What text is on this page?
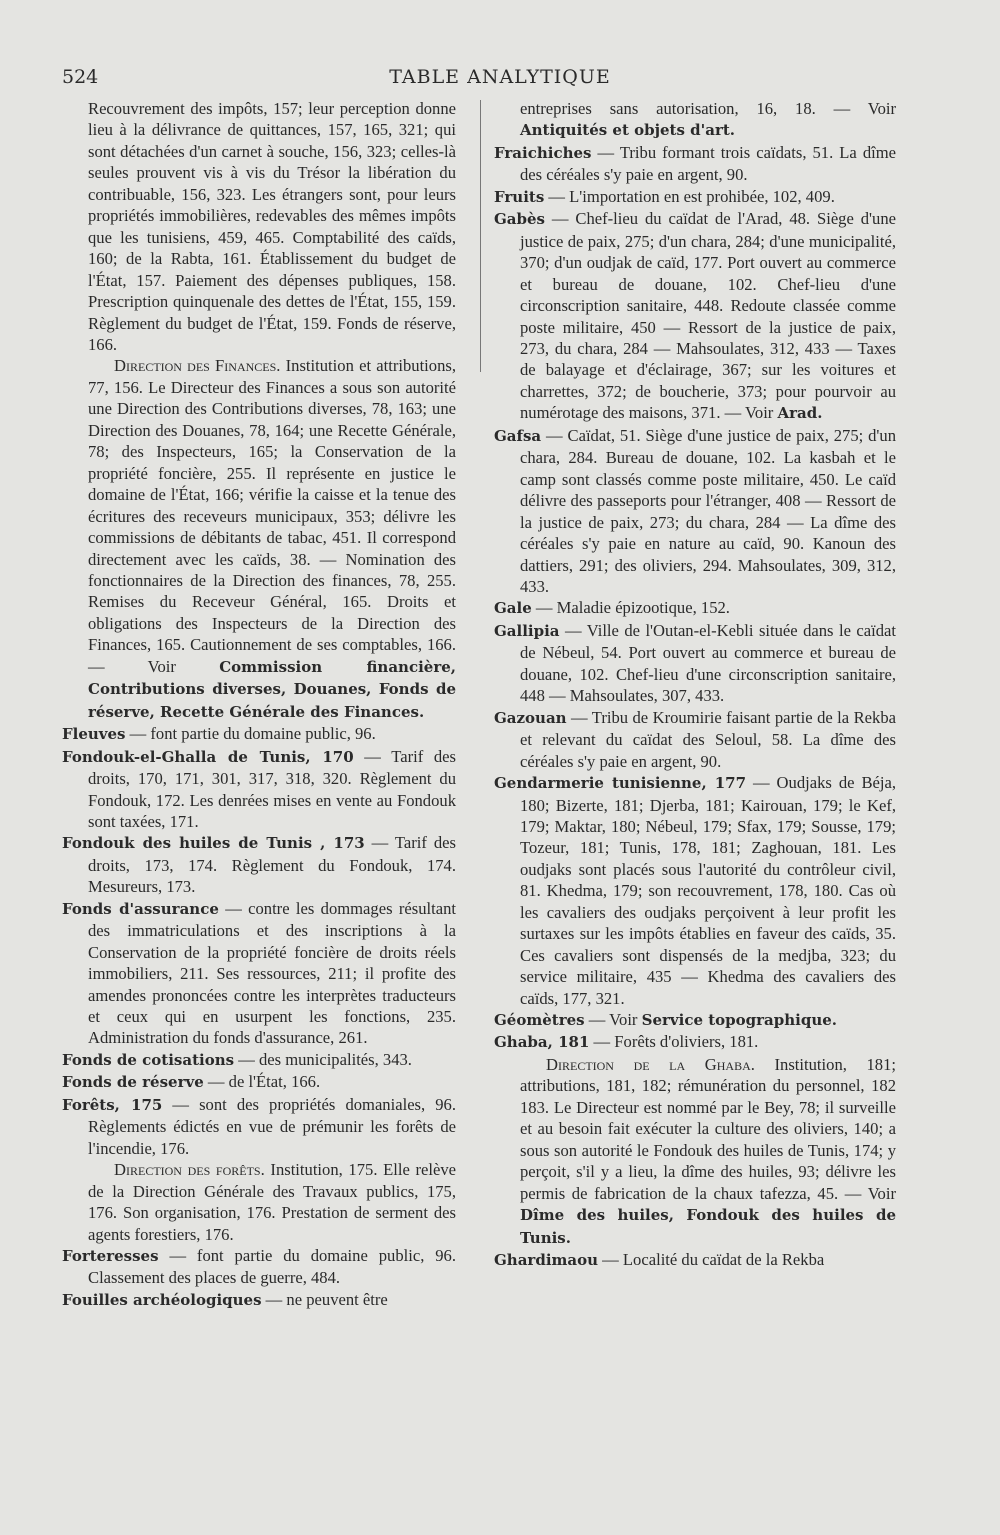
524	TABLE ANALYTIQUE
Recouvrement des impôts, 157; leur perception donne lieu à la délivrance de quittances, 157, 165, 321; qui sont détachées d'un carnet à souche, 156, 323; celles-là seules prouvent vis à vis du Trésor la libération du contribuable, 156, 323. Les étrangers sont, pour leurs propriétés immobilières, redevables des mêmes impôts que les tunisiens, 459, 465. Comptabilité des caïds, 160; de la Rabta, 161. Établissement du budget de l'État, 157. Paiement des dépenses publiques, 158. Prescription quinquenale des dettes de l'État, 155, 159. Règlement du budget de l'État, 159. Fonds de réserve, 166.
Direction des Finances. Institution et attributions, 77, 156. Le Directeur des Finances a sous son autorité une Direction des Contributions diverses, 78, 163; une Direction des Douanes, 78, 164; une Recette Générale, 78; des Inspecteurs, 165; la Conservation de la propriété foncière, 255. Il représente en justice le domaine de l'État, 166; vérifie la caisse et la tenue des écritures des receveurs municipaux, 353; délivre les commissions de débitants de tabac, 451. Il correspond directement avec les caïds, 38. — Nomination des fonctionnaires de la Direction des finances, 78, 255. Remises du Receveur Général, 165. Droits et obligations des Inspecteurs de la Direction des Finances, 165. Cautionnement de ses comptables, 166. — Voir Commission financière, Contributions diverses, Douanes, Fonds de réserve, Recette Générale des Finances.
Fleuves — font partie du domaine public, 96.
Fondouk-el-Ghalla de Tunis, 170 — Tarif des droits, 170, 171, 301, 317, 318, 320. Règlement du Fondouk, 172. Les denrées mises en vente au Fondouk sont taxées, 171.
Fondouk des huiles de Tunis , 173 — Tarif des droits, 173, 174. Règlement du Fondouk, 174. Mesureurs, 173.
Fonds d'assurance — contre les dommages résultant des immatriculations et des inscriptions à la Conservation de la propriété foncière de droits réels immobiliers, 211. Ses ressources, 211; il profite des amendes prononcées contre les interprètes traducteurs et ceux qui en usurpent les fonctions, 235. Administration du fonds d'assurance, 261.
Fonds de cotisations — des municipalités, 343.
Fonds de réserve — de l'État, 166.
Forêts, 175 — sont des propriétés domaniales, 96. Règlements édictés en vue de prémunir les forêts de l'incendie, 176.
Direction des forêts. Institution, 175. Elle relève de la Direction Générale des Travaux publics, 175, 176. Son organisation, 176. Prestation de serment des agents forestiers, 176.
Forteresses — font partie du domaine public, 96. Classement des places de guerre, 484.
Fouilles archéologiques — ne peuvent être
entreprises sans autorisation, 16, 18. — Voir Antiquités et objets d'art.
Fraichiches — Tribu formant trois caïdats, 51. La dîme des céréales s'y paie en argent, 90.
Fruits — L'importation en est prohibée, 102, 409.
Gabès — Chef-lieu du caïdat de l'Arad, 48. Siège d'une justice de paix, 275; d'un chara, 284; d'une municipalité, 370; d'un oudjak de caïd, 177. Port ouvert au commerce et bureau de douane, 102. Chef-lieu d'une circonscription sanitaire, 448. Redoute classée comme poste militaire, 450 — Ressort de la justice de paix, 273, du chara, 284 — Mahsoulates, 312, 433 — Taxes de balayage et d'éclairage, 367; sur les voitures et charrettes, 372; de boucherie, 373; pour pourvoir au numérotage des maisons, 371. — Voir Arad.
Gafsa — Caïdat, 51. Siège d'une justice de paix, 275; d'un chara, 284. Bureau de douane, 102. La kasbah et le camp sont classés comme poste militaire, 450. Le caïd délivre des passeports pour l'étranger, 408 — Ressort de la justice de paix, 273; du chara, 284 — La dîme des céréales s'y paie en nature au caïd, 90. Kanoun des dattiers, 291; des oliviers, 294. Mahsoulates, 309, 312, 433.
Gale — Maladie épizootique, 152.
Gallipia — Ville de l'Outan-el-Kebli située dans le caïdat de Nébeul, 54. Port ouvert au commerce et bureau de douane, 102. Chef-lieu d'une circonscription sanitaire, 448 — Mahsoulates, 307, 433.
Gazouan — Tribu de Kroumirie faisant partie de la Rekba et relevant du caïdat des Seloul, 58. La dîme des céréales s'y paie en argent, 90.
Gendarmerie tunisienne, 177 — Oudjaks de Béja, 180; Bizerte, 181; Djerba, 181; Kairouan, 179; le Kef, 179; Maktar, 180; Nébeul, 179; Sfax, 179; Sousse, 179; Tozeur, 181; Tunis, 178, 181; Zaghouan, 181. Les oudjaks sont placés sous l'autorité du contrôleur civil, 81. Khedma, 179; son recouvrement, 178, 180. Cas où les cavaliers des oudjaks perçoivent à leur profit les surtaxes sur les impôts établies en faveur des caïds, 35. Ces cavaliers sont dispensés de la medjba, 323; du service militaire, 435 — Khedma des cavaliers des caïds, 177, 321.
Géomètres — Voir Service topographique.
Ghaba, 181 — Forêts d'oliviers, 181.
Direction de la Ghaba. Institution, 181; attributions, 181, 182; rémunération du personnel, 182 183. Le Directeur est nommé par le Bey, 78; il surveille et au besoin fait exécuter la culture des oliviers, 140; a sous son autorité le Fondouk des huiles de Tunis, 174; y perçoit, s'il y a lieu, la dîme des huiles, 93; délivre les permis de fabrication de la chaux tafezza, 45. — Voir Dîme des huiles, Fondouk des huiles de Tunis.
Ghardimaou — Localité du caïdat de la Rekba
